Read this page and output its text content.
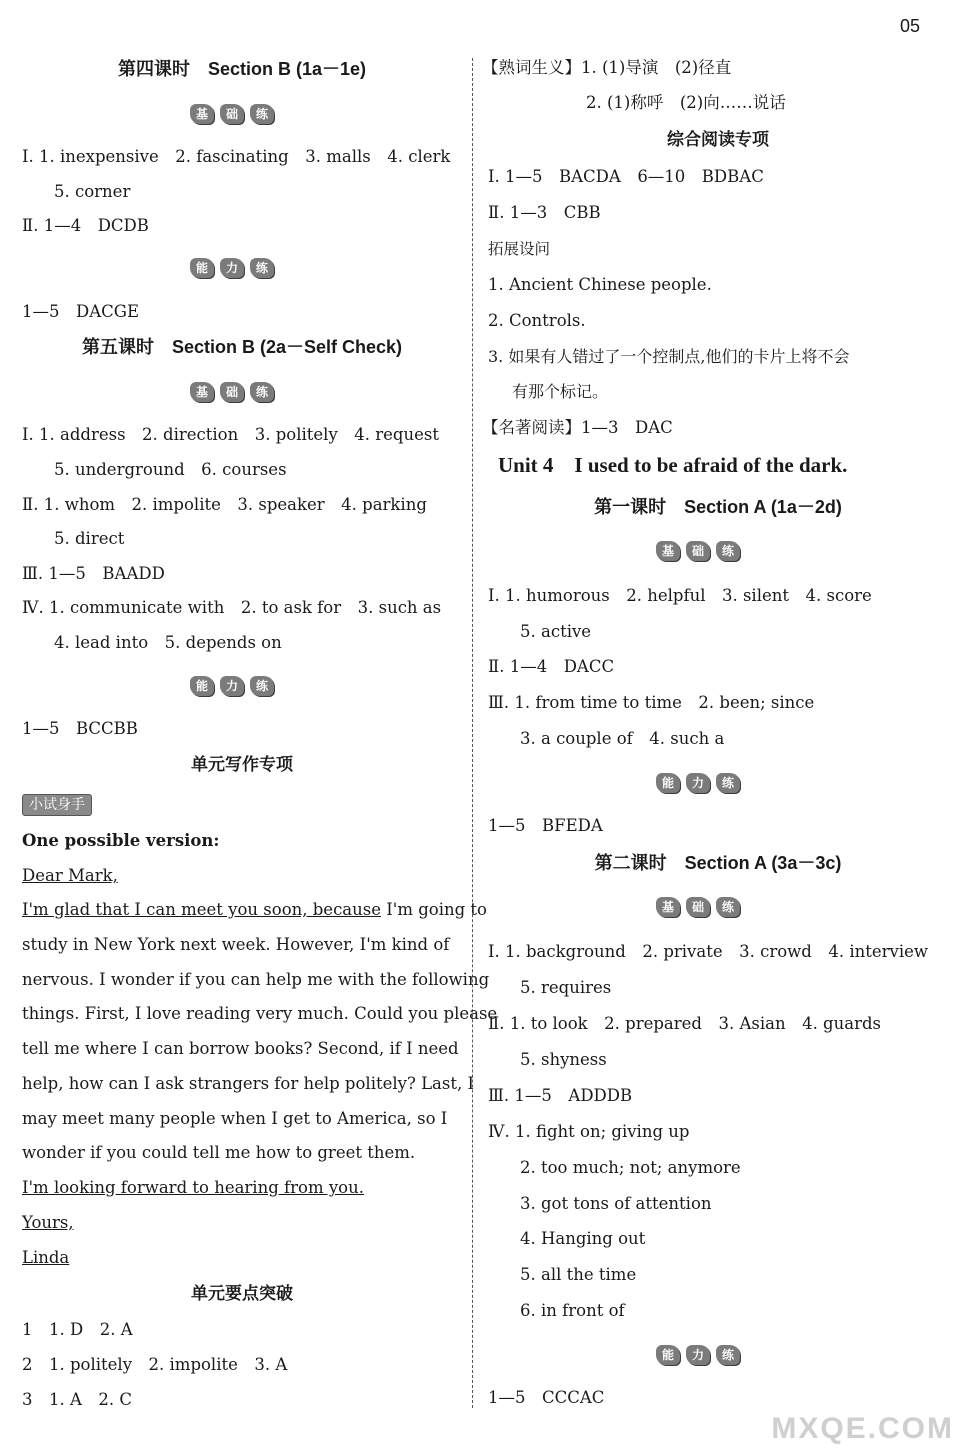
05
第四课时　Section B (1a－1e)
基	础	练
Ⅰ. 1. inexpensive　2. fascinating　3. malls　4. clerk
5. corner
Ⅱ. 1—4　DCDB
能	力	练
1—5　DACGE
第五课时　Section B (2a－Self Check)
基	础	练
Ⅰ. 1. address　2. direction　3. politely　4. request
5. underground　6. courses
Ⅱ. 1. whom　2. impolite　3. speaker　4. parking
5. direct
Ⅲ. 1—5　BAADD
Ⅳ. 1. communicate with　2. to ask for　3. such as
4. lead into　5. depends on
能	力	练
1—5　BCCBB
单元写作专项
小试身手
One possible version:
Dear Mark,
I'm glad that I can meet you soon, because I'm going to
study in New York next week. However, I'm kind of
nervous. I wonder if you can help me with the following
things. First, I love reading very much. Could you please
tell me where I can borrow books? Second, if I need
help, how can I ask strangers for help politely? Last, I
may meet many people when I get to America, so I
wonder if you could tell me how to greet them.
I'm looking forward to hearing from you.
Yours,
Linda
单元要点突破
1　1. D　2. A
2　1. politely　2. impolite　3. A
3　1. A　2. C
【熟词生义】1. (1)导演　(2)径直
2. (1)称呼　(2)向……说话
综合阅读专项
Ⅰ. 1—5　BACDA　6—10　BDBAC
Ⅱ. 1—3　CBB
拓展设问
1. Ancient Chinese people.
2. Controls.
3. 如果有人错过了一个控制点,他们的卡片上将不会
有那个标记。
【名著阅读】1—3　DAC
Unit 4　I used to be afraid of the dark.
第一课时　Section A (1a－2d)
基	础	练
Ⅰ. 1. humorous　2. helpful　3. silent　4. score
5. active
Ⅱ. 1—4　DACC
Ⅲ. 1. from time to time　2. been; since
3. a couple of　4. such a
能	力	练
1—5　BFEDA
第二课时　Section A (3a－3c)
基	础	练
Ⅰ. 1. background　2. private　3. crowd　4. interview
5. requires
Ⅱ. 1. to look　2. prepared　3. Asian　4. guards
5. shyness
Ⅲ. 1—5　ADDDB
Ⅳ. 1. fight on; giving up
2. too much; not; anymore
3. got tons of attention
4. Hanging out
5. all the time
6. in front of
能	力	练
1—5　CCCAC
MXQE.COM
